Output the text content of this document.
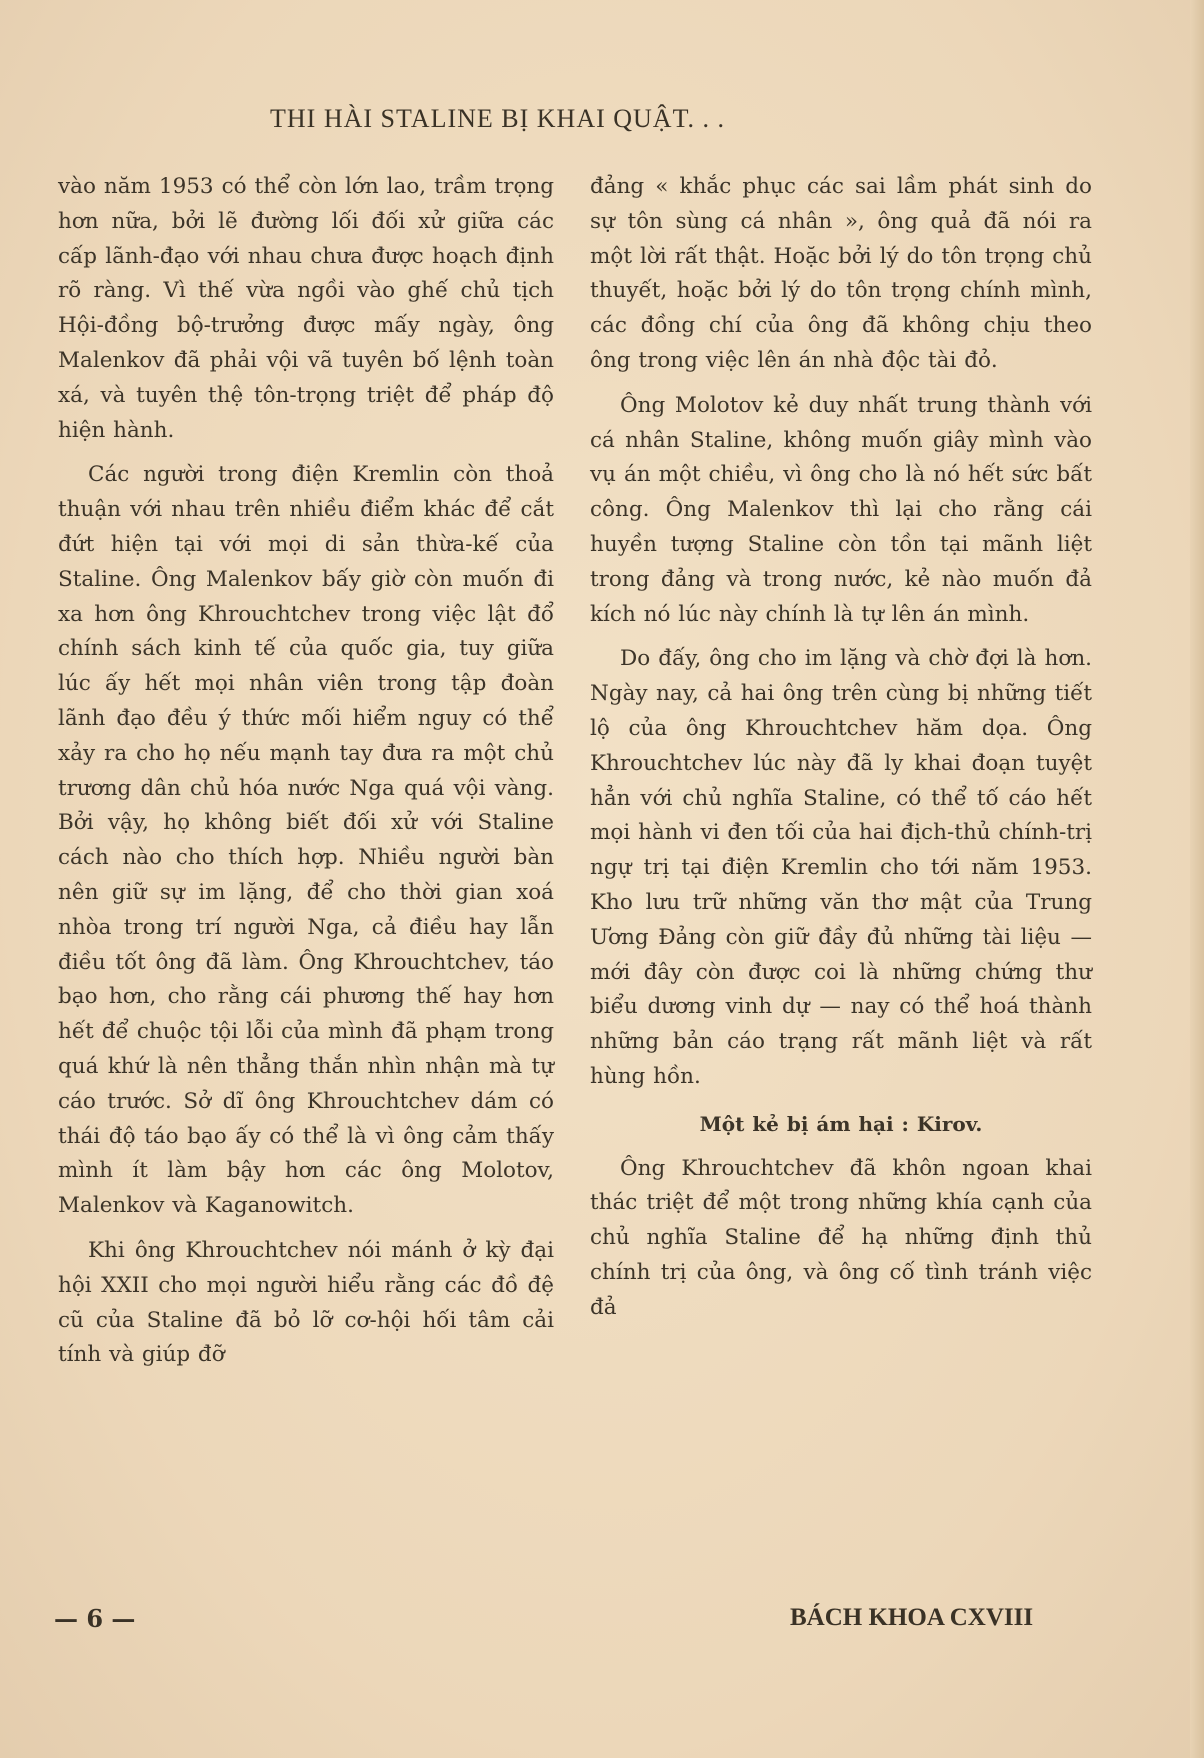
THI HÀI STALINE BỊ KHAI QUẬT. . .

vào năm 1953 có thể còn lớn lao, trầm trọng hơn nữa, bởi lẽ đường lối đối xử giữa các cấp lãnh-đạo với nhau chưa được hoạch định rõ ràng. Vì thế vừa ngồi vào ghế chủ tịch Hội-đồng bộ-trưởng được mấy ngày, ông Malenkov đã phải vội vã tuyên bố lệnh toàn xá, và tuyên thệ tôn-trọng triệt để pháp độ hiện hành.

Các người trong điện Kremlin còn thoả thuận với nhau trên nhiều điểm khác để cắt đứt hiện tại với mọi di sản thừa-kế của Staline. Ông Malenkov bấy giờ còn muốn đi xa hơn ông Khrouchtchev trong việc lật đổ chính sách kinh tế của quốc gia, tuy giữa lúc ấy hết mọi nhân viên trong tập đoàn lãnh đạo đều ý thức mối hiểm nguy có thể xảy ra cho họ nếu mạnh tay đưa ra một chủ trương dân chủ hóa nước Nga quá vội vàng. Bởi vậy, họ không biết đối xử với Staline cách nào cho thích hợp. Nhiều người bàn nên giữ sự im lặng, để cho thời gian xoá nhòa trong trí người Nga, cả điều hay lẫn điều tốt ông đã làm. Ông Khrouchtchev, táo bạo hơn, cho rằng cái phương thế hay hơn hết để chuộc tội lỗi của mình đã phạm trong quá khứ là nên thẳng thắn nhìn nhận mà tự cáo trước. Sở dĩ ông Khrouchtchev dám có thái độ táo bạo ấy có thể là vì ông cảm thấy mình ít làm bậy hơn các ông Molotov, Malenkov và Kaganowitch.

Khi ông Khrouchtchev nói mánh ở kỳ đại hội XXII cho mọi người hiểu rằng các đồ đệ cũ của Staline đã bỏ lỡ cơ-hội hối tâm cải tính và giúp đỡ

đảng « khắc phục các sai lầm phát sinh do sự tôn sùng cá nhân », ông quả đã nói ra một lời rất thật. Hoặc bởi lý do tôn trọng chủ thuyết, hoặc bởi lý do tôn trọng chính mình, các đồng chí của ông đã không chịu theo ông trong việc lên án nhà độc tài đỏ.

Ông Molotov kẻ duy nhất trung thành với cá nhân Staline, không muốn giây mình vào vụ án một chiều, vì ông cho là nó hết sức bất công. Ông Malenkov thì lại cho rằng cái huyền tượng Staline còn tồn tại mãnh liệt trong đảng và trong nước, kẻ nào muốn đả kích nó lúc này chính là tự lên án mình.

Do đấy, ông cho im lặng và chờ đợi là hơn. Ngày nay, cả hai ông trên cùng bị những tiết lộ của ông Khrouchtchev hăm dọa. Ông Khrouchtchev lúc này đã ly khai đoạn tuyệt hẳn với chủ nghĩa Staline, có thể tố cáo hết mọi hành vi đen tối của hai địch-thủ chính-trị ngự trị tại điện Kremlin cho tới năm 1953. Kho lưu trữ những văn thơ mật của Trung Ương Đảng còn giữ đầy đủ những tài liệu — mới đây còn được coi là những chứng thư biểu dương vinh dự — nay có thể hoá thành những bản cáo trạng rất mãnh liệt và rất hùng hồn.

Một kẻ bị ám hại : Kirov.

Ông Khrouchtchev đã khôn ngoan khai thác triệt để một trong những khía cạnh của chủ nghĩa Staline để hạ những định thủ chính trị của ông, và ông cố tình tránh việc đả

— 6 —	BÁCH KHOA CXVIII
